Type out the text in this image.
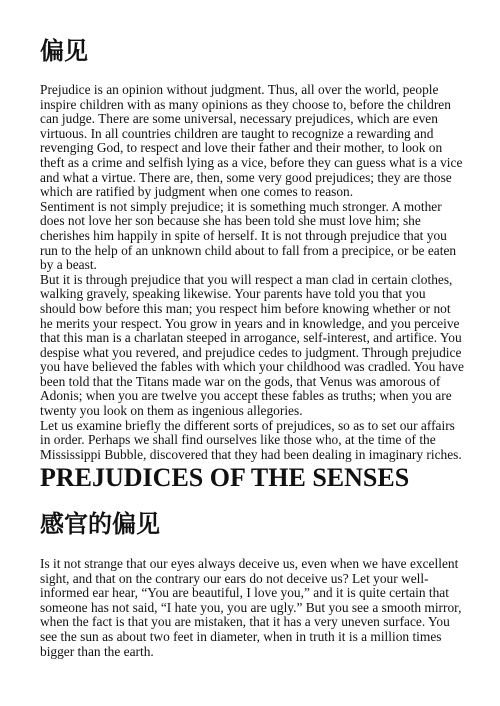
偏见

Prejudice is an opinion without judgment. Thus, all over the world, people inspire children with as many opinions as they choose to, before the children can judge. There are some universal, necessary prejudices, which are even virtuous. In all countries children are taught to recognize a rewarding and revenging God, to respect and love their father and their mother, to look on theft as a crime and selfish lying as a vice, before they can guess what is a vice and what a virtue. There are, then, some very good prejudices; they are those which are ratified by judgment when one comes to reason.

Sentiment is not simply prejudice; it is something much stronger. A mother does not love her son because she has been told she must love him; she cherishes him happily in spite of herself. It is not through prejudice that you run to the help of an unknown child about to fall from a precipice, or be eaten by a beast.

But it is through prejudice that you will respect a man clad in certain clothes, walking gravely, speaking likewise. Your parents have told you that you should bow before this man; you respect him before knowing whether or not he merits your respect. You grow in years and in knowledge, and you perceive that this man is a charlatan steeped in arrogance, self-interest, and artifice. You despise what you revered, and prejudice cedes to judgment. Through prejudice you have believed the fables with which your childhood was cradled. You have been told that the Titans made war on the gods, that Venus was amorous of Adonis; when you are twelve you accept these fables as truths; when you are twenty you look on them as ingenious allegories.

Let us examine briefly the different sorts of prejudices, so as to set our affairs in order. Perhaps we shall find ourselves like those who, at the time of the Mississippi Bubble, discovered that they had been dealing in imaginary riches.

PREJUDICES OF THE SENSES
感官的偏见

Is it not strange that our eyes always deceive us, even when we have excellent sight, and that on the contrary our ears do not deceive us? Let your well-informed ear hear, “You are beautiful, I love you,” and it is quite certain that someone has not said, “I hate you, you are ugly.” But you see a smooth mirror, when the fact is that you are mistaken, that it has a very uneven surface. You see the sun as about two feet in diameter, when in truth it is a million times bigger than the earth.
